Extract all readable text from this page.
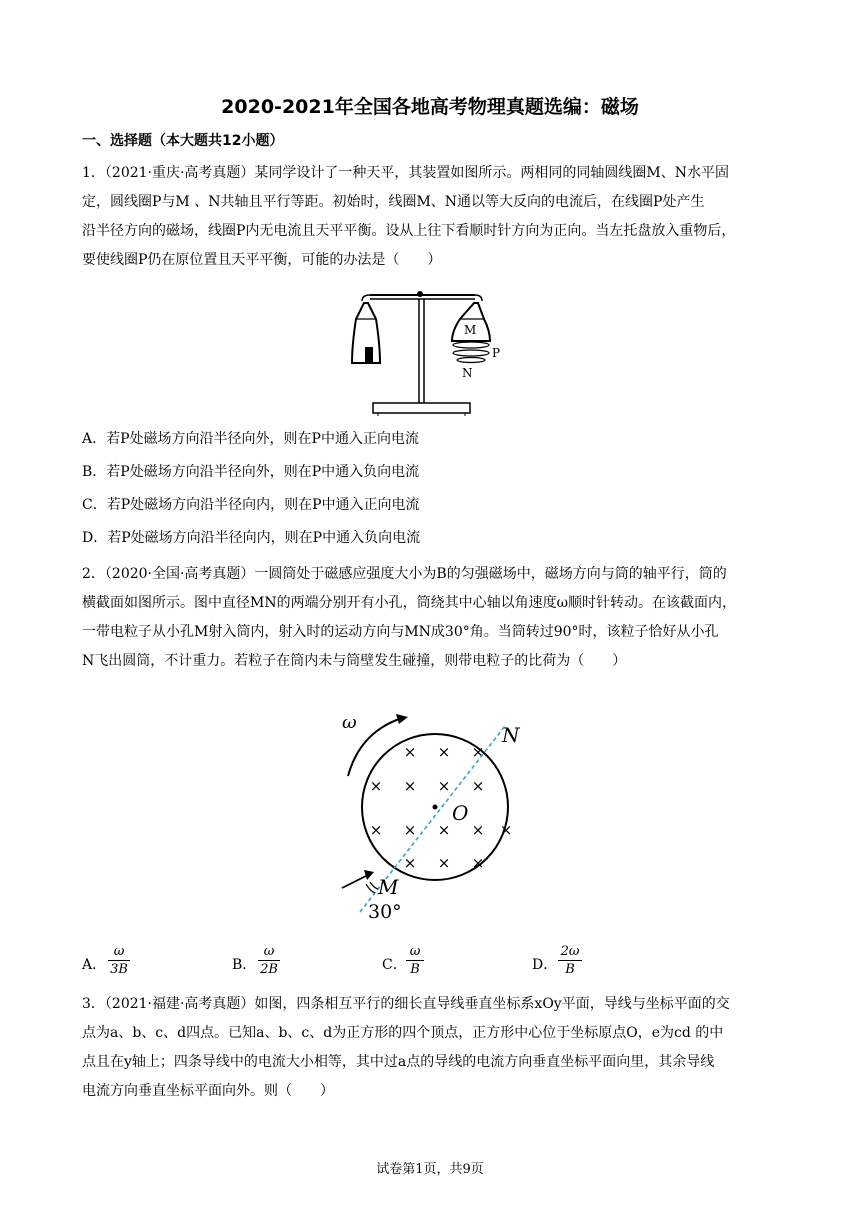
2020-2021年全国各地高考物理真题选编：磁场
一、选择题（本大题共12小题）
1．（2021·重庆·高考真题）某同学设计了一种天平，其装置如图所示。两相同的同轴圆线圈M、N水平固
定，圆线圈P与M 、N共轴且平行等距。初始时，线圈M、N通以等大反向的电流后，在线圈P处产生
沿半径方向的磁场，线圈P内无电流且天平平衡。设从上往下看顺时针方向为正向。当左托盘放入重物后，
要使线圈P仍在原位置且天平平衡，可能的办法是（　　）
M
P
N
A．若P处磁场方向沿半径向外，则在P中通入正向电流
B．若P处磁场方向沿半径向外，则在P中通入负向电流
C．若P处磁场方向沿半径向内，则在P中通入正向电流
D．若P处磁场方向沿半径向内，则在P中通入负向电流
2．（2020·全国·高考真题）一圆筒处于磁感应强度大小为B的匀强磁场中，磁场方向与筒的轴平行，筒的
横截面如图所示。图中直径MN的两端分别开有小孔，筒绕其中心轴以角速度ω顺时针转动。在该截面内，
一带电粒子从小孔M射入筒内，射入时的运动方向与MN成30°角。当筒转过90°时，该粒子恰好从小孔
N飞出圆筒，不计重力。若粒子在筒内未与筒壁发生碰撞，则带电粒子的比荷为（　　）
ω
× × ×
× × × ×
× × × × ×
× × ×
O
N
M
30°
A． $\frac{\omega}{3B}$	B． $\frac{\omega}{2B}$	C． $\frac{\omega}{B}$	D． $\frac{2\omega}{B}$
3．（2021·福建·高考真题）如图，四条相互平行的细长直导线垂直坐标系xOy平面，导线与坐标平面的交
点为a、b、c、d四点。已知a、b、c、d为正方形的四个顶点，正方形中心位于坐标原点O，e为cd 的中
点且在y轴上；四条导线中的电流大小相等，其中过a点的导线的电流方向垂直坐标平面向里，其余导线
电流方向垂直坐标平面向外。则（　　）
试卷第1页，共9页
